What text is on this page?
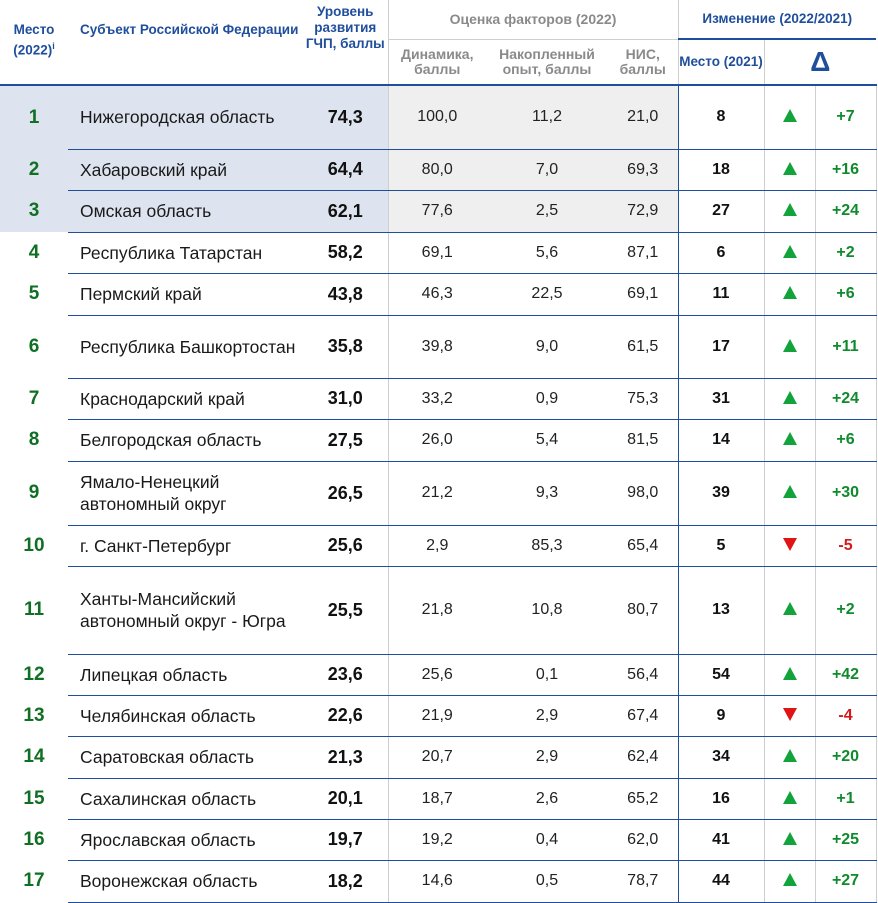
Место $(2022)^i$	Субъект Российской Федерации	Уровень развития ГЧП, баллы	Оценка факторов (2022)			Изменение (2022/2021)		
			Динамика, баллы	Накопленный опыт, баллы	НИС, баллы	Место (2021)	Δ	
1	Нижегородская область	74,3	100,0	11,2	21,0	8		+7
2	Хабаровский край	64,4	80,0	7,0	69,3	18		+16
3	Омская область	62,1	77,6	2,5	72,9	27		+24
4	Республика Татарстан	58,2	69,1	5,6	87,1	6		+2
5	Пермский край	43,8	46,3	22,5	69,1	11		+6
6	Республика Башкортостан	35,8	39,8	9,0	61,5	17		+11
7	Краснодарский край	31,0	33,2	0,9	75,3	31		+24
8	Белгородская область	27,5	26,0	5,4	81,5	14		+6
9	Ямало-Ненецкий автономный округ	26,5	21,2	9,3	98,0	39		+30
10	г. Санкт-Петербург	25,6	2,9	85,3	65,4	5		-5
11	Ханты-Мансийский автономный округ - Югра	25,5	21,8	10,8	80,7	13		+2
12	Липецкая область	23,6	25,6	0,1	56,4	54		+42
13	Челябинская область	22,6	21,9	2,9	67,4	9		-4
14	Саратовская область	21,3	20,7	2,9	62,4	34		+20
15	Сахалинская область	20,1	18,7	2,6	65,2	16		+1
16	Ярославская область	19,7	19,2	0,4	62,0	41		+25
17	Воронежская область	18,2	14,6	0,5	78,7	44		+27
